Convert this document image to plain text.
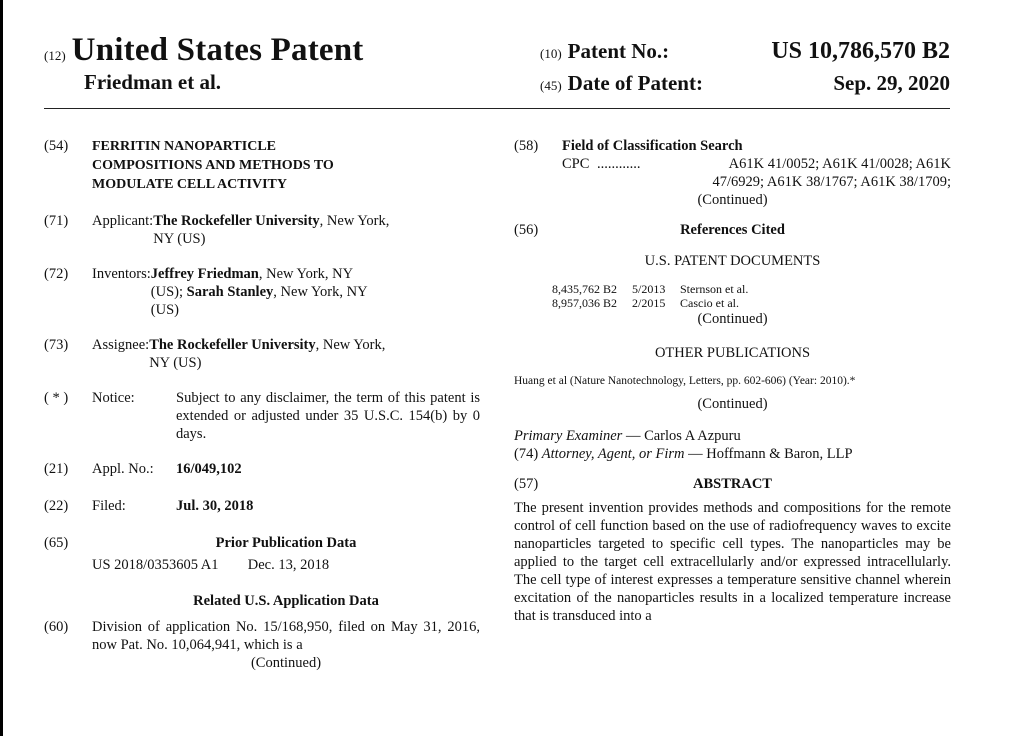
(12) United States Patent
Friedman et al.
(10) Patent No.:	US 10,786,570 B2
(45) Date of Patent:	Sep. 29, 2020
(54)	FERRITIN NANOPARTICLE
COMPOSITIONS AND METHODS TO
MODULATE CELL ACTIVITY
(71)	Applicant: The Rockefeller University, New York,
NY (US)
(72)	Inventors: Jeffrey Friedman, New York, NY
(US); Sarah Stanley, New York, NY
(US)
(73)	Assignee: The Rockefeller University, New York,
NY (US)
( * )	Notice:	Subject to any disclaimer, the term of this patent is extended or adjusted under 35 U.S.C. 154(b) by 0 days.
(21)	Appl. No.:	16/049,102
(22)	Filed:	Jul. 30, 2018
(65)	Prior Publication Data
US 2018/0353605 A1 Dec. 13, 2018
Related U.S. Application Data
(60)	Division of application No. 15/168,950, filed on May 31, 2016, now Pat. No. 10,064,941, which is a
(Continued)
(58)	Field of Classification Search
CPC ............	A61K 41/0052; A61K 41/0028; A61K
47/6929; A61K 38/1767; A61K 38/1709;
(Continued)
(56)	References Cited
U.S. PATENT DOCUMENTS
8,435,762 B2	5/2013	Sternson et al.
8,957,036 B2	2/2015	Cascio et al.
(Continued)
OTHER PUBLICATIONS
Huang et al (Nature Nanotechnology, Letters, pp. 602-606) (Year: 2010).*
(Continued)
Primary Examiner — Carlos A Azpuru
(74) Attorney, Agent, or Firm — Hoffmann & Baron, LLP
(57)	ABSTRACT
The present invention provides methods and compositions for the remote control of cell function based on the use of radiofrequency waves to excite nanoparticles targeted to specific cell types. The nanoparticles may be applied to the target cell extracellularly and/or expressed intracellularly. The cell type of interest expresses a temperature sensitive channel wherein excitation of the nanoparticles results in a localized temperature increase that is transduced into a
